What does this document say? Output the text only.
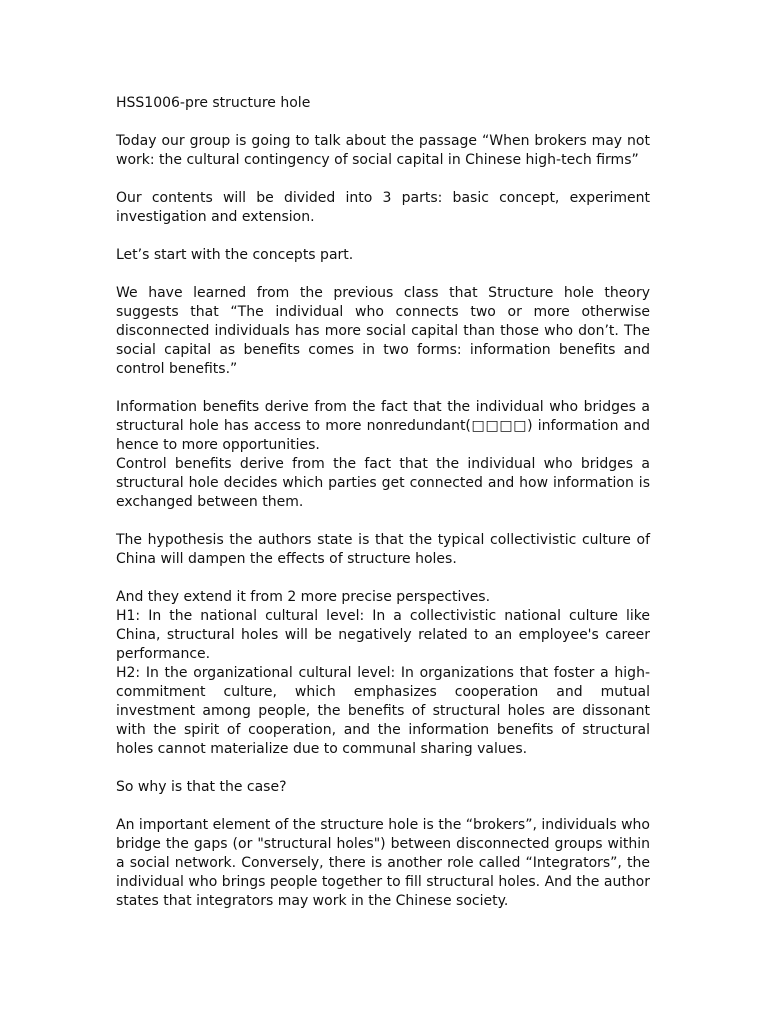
HSS1006-pre structure hole

Today our group is going to talk about the passage “When brokers may not work: the cultural contingency of social capital in Chinese high-tech firms”

Our contents will be divided into 3 parts: basic concept, experiment investigation and extension.

Let’s start with the concepts part.

We have learned from the previous class that Structure hole theory suggests that “The individual who connects two or more otherwise disconnected individuals has more social capital than those who don’t. The social capital as benefits comes in two forms: information benefits and control benefits.”

Information benefits derive from the fact that the individual who bridges a structural hole has access to more nonredundant(□□□□) information and hence to more opportunities.

Control benefits derive from the fact that the individual who bridges a structural hole decides which parties get connected and how information is exchanged between them.

The hypothesis the authors state is that the typical collectivistic culture of China will dampen the effects of structure holes.

And they extend it from 2 more precise perspectives.

H1: In the national cultural level: In a collectivistic national culture like China, structural holes will be negatively related to an employee's career performance.

H2: In the organizational cultural level: In organizations that foster a high-commitment culture, which emphasizes cooperation and mutual investment among people, the benefits of structural holes are dissonant with the spirit of cooperation, and the information benefits of structural holes cannot materialize due to communal sharing values.

So why is that the case?

An important element of the structure hole is the “brokers”, individuals who bridge the gaps (or "structural holes") between disconnected groups within a social network. Conversely, there is another role called “Integrators”, the individual who brings people together to fill structural holes. And the author states that integrators may work in the Chinese society.
